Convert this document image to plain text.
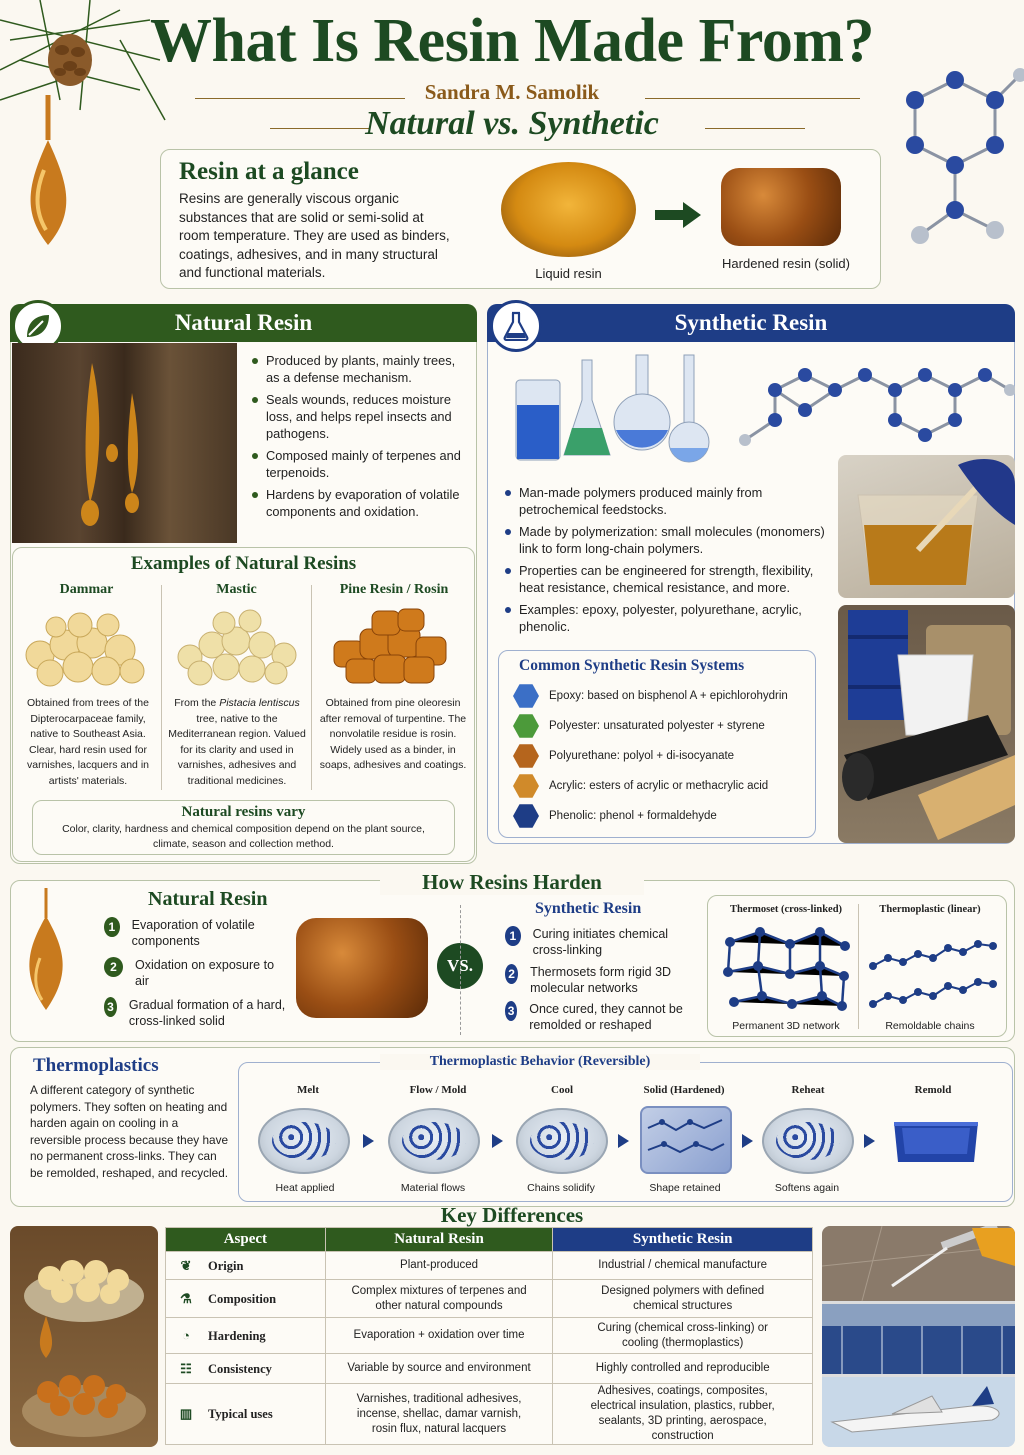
What Is Resin Made From?
Sandra M. Samolik
Natural vs. Synthetic
Resin at a glance
Resins are generally viscous organic substances that are solid or semi-solid at room temperature. They are used as binders, coatings, adhesives, and in many structural and functional materials.	Liquid resin
Hardened resin (solid)
Natural Resin
Produced by plants, mainly trees, as a defense mechanism.
Seals wounds, reduces moisture loss, and helps repel insects and pathogens.
Composed mainly of terpenes and terpenoids.
Hardens by evaporation of volatile components and oxidation.
Examples of Natural Resins
Dammar
Obtained from trees of the Dipterocarpaceae family, native to Southeast Asia. Clear, hard resin used for varnishes, lacquers and in artists' materials.
Mastic
From the Pistacia lentiscus tree, native to the Mediterranean region. Valued for its clarity and used in varnishes, adhesives and traditional medicines.
Pine Resin / Rosin
Obtained from pine oleoresin after removal of turpentine. The nonvolatile residue is rosin. Widely used as a binder, in soaps, adhesives and coatings.
Natural resins vary
Color, clarity, hardness and chemical composition depend on the plant source, climate, season and collection method.
Synthetic Resin
Man-made polymers produced mainly from petrochemical feedstocks.
Made by polymerization: small molecules (monomers) link to form long-chain polymers.
Properties can be engineered for strength, flexibility, heat resistance, chemical resistance, and more.
Examples: epoxy, polyester, polyurethane, acrylic, phenolic.
Common Synthetic Resin Systems
Epoxy: based on bisphenol A + epichlorohydrin
Polyester: unsaturated polyester + styrene
Polyurethane: polyol + di-isocyanate
Acrylic: esters of acrylic or methacrylic acid
Phenolic: phenol + formaldehyde
How Resins Harden
Natural Resin
1	Evaporation of volatile components
2	Oxidation on exposure to air
3 Gradual formation of a hard, cross-linked solid
VS.
Synthetic Resin
1	Curing initiates chemical cross-linking
2 Thermosets form rigid 3D molecular networks
3 Once cured, they cannot be remolded or reshaped
Thermoset (cross-linked)	Thermoplastic (linear)
Permanent 3D network	Remoldable chains
Thermoplastics
A different category of synthetic polymers. They soften on heating and harden again on cooling in a reversible process because they have no permanent cross-links. They can be remolded, reshaped, and recycled.
Thermoplastic Behavior (Reversible)
Melt
Heat applied
Flow / Mold
Material flows
Cool
Chains solidify
Solid (Hardened)
Shape retained
Reheat
Softens again
Remold
Key Differences
Aspect	Natural Resin	Synthetic Resin
❦ Origin	Plant-produced	Industrial / chemical manufacture
⚗ Composition	Complex mixtures of terpenes and other natural compounds	Designed polymers with defined chemical structures
◔ Hardening	Evaporation + oxidation over time	Curing (chemical cross-linking) or cooling (thermoplastics)
☷ Consistency	Variable by source and environment	Highly controlled and reproducible
▥ Typical uses	Varnishes, traditional adhesives, incense, shellac, damar varnish, rosin flux, natural lacquers	Adhesives, coatings, composites, electrical insulation, plastics, rubber, sealants, 3D printing, aerospace, construction
